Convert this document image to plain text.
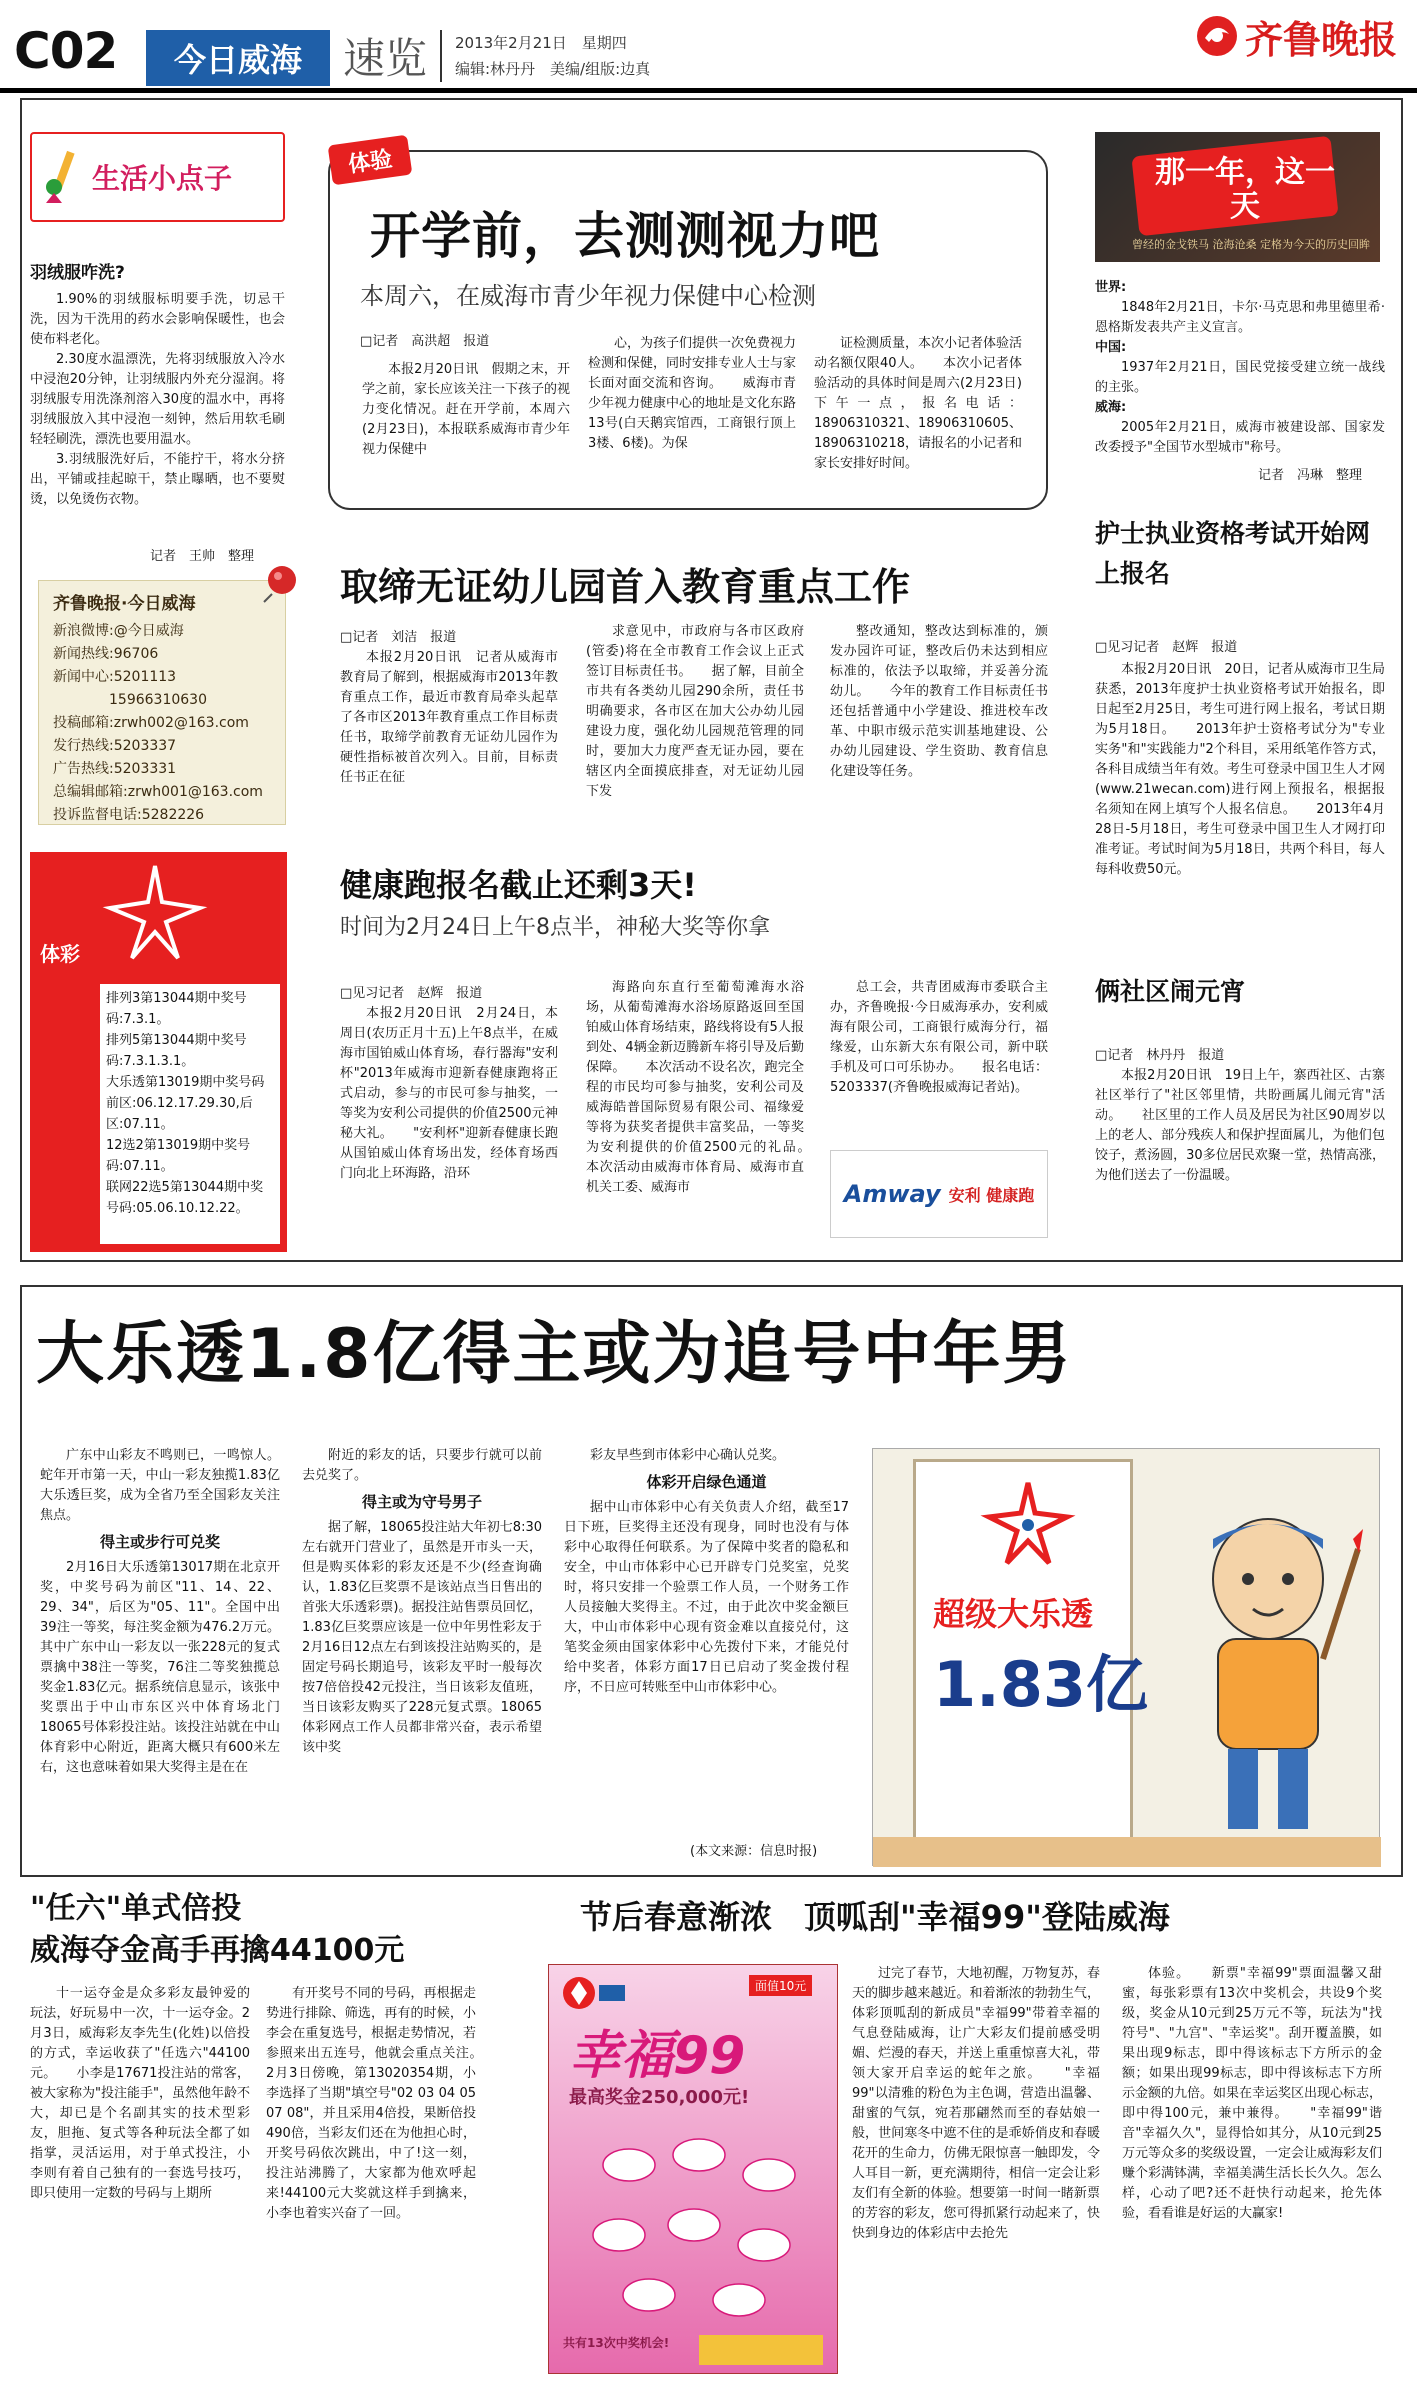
C02	今日威海 速览 2013年2月21日　星期四
编辑:林丹丹　美编/组版:边真
齐鲁晚报
生活小点子
羽绒服咋洗?

1.90%的羽绒服标明要手洗，切忌干洗，因为干洗用的药水会影响保暖性，也会使布料老化。

2.30度水温漂洗，先将羽绒服放入冷水中浸泡20分钟，让羽绒服内外充分湿润。将羽绒服专用洗涤剂溶入30度的温水中，再将羽绒服放入其中浸泡一刻钟，然后用软毛刷轻轻刷洗，漂洗也要用温水。

3.羽绒服洗好后，不能拧干，将水分挤出，平铺或挂起晾干，禁止曝晒，也不要熨烫，以免烫伤衣物。

记者　王帅　整理
齐鲁晚报·今日威海
新浪微博:@今日威海
新闻热线:96706
新闻中心:5201113
15966310630
投稿邮箱:zrwh002@163.com
发行热线:5203337
广告热线:5203331
总编辑邮箱:zrwh001@163.com
投诉监督电话:5282226
体彩
排列3第13044期中奖号码:7.3.1。
排列5第13044期中奖号码:7.3.1.3.1。
大乐透第13019期中奖号码前区:06.12.17.29.30,后区:07.11。
12选2第13019期中奖号码:07.11。
联网22选5第13044期中奖号码:05.06.10.12.22。
体验
开学前，去测测视力吧
本周六，在威海市青少年视力保健中心检测
□记者　高洪超　报道

本报2月20日讯　假期之末，开学之前，家长应该关注一下孩子的视力变化情况。赶在开学前，本周六(2月23日)，本报联系威海市青少年视力保健中

心，为孩子们提供一次免费视力检测和保健，同时安排专业人士与家长面对面交流和咨询。　　威海市青少年视力健康中心的地址是文化东路13号(白天鹅宾馆西，工商银行顶上3楼、6楼)。为保

证检测质量，本次小记者体验活动名额仅限40人。　　本次小记者体验活动的具体时间是周六(2月23日)下午一点，报名电话：18906310321、18906310605、18906310218，请报名的小记者和家长安排好时间。

那一年，这一天
曾经的金戈铁马 沧海沧桑 定格为今天的历史回眸
世界:

1848年2月21日，卡尔·马克思和弗里德里希·恩格斯发表共产主义宣言。

中国:

1937年2月21日，国民党接受建立统一战线的主张。

威海:

2005年2月21日，威海市被建设部、国家发改委授予"全国节水型城市"称号。

记者　冯琳　整理
取缔无证幼儿园首入教育重点工作
□记者　刘洁　报道

本报2月20日讯　记者从威海市教育局了解到，根据威海市2013年教育重点工作，最近市教育局牵头起草了各市区2013年教育重点工作目标责任书，取缔学前教育无证幼儿园作为硬性指标被首次列入。目前，目标责任书正在征

求意见中，市政府与各市区政府(管委)将在全市教育工作会议上正式签订目标责任书。　　据了解，目前全市共有各类幼儿园290余所，责任书明确要求，各市区在加大公办幼儿园建设力度，强化幼儿园规范管理的同时，要加大力度严查无证办园，要在辖区内全面摸底排查，对无证幼儿园下发

整改通知，整改达到标准的，颁发办园许可证，整改后仍未达到相应标准的，依法予以取缔，并妥善分流幼儿。　　今年的教育工作目标责任书还包括普通中小学建设、推进校车改革、中职市级示范实训基地建设、公办幼儿园建设、学生资助、教育信息化建设等任务。

护士执业资格考试开始网上报名
□见习记者　赵辉　报道

本报2月20日讯　20日，记者从威海市卫生局获悉，2013年度护士执业资格考试开始报名，即日起至2月25日，考生可进行网上报名，考试日期为5月18日。　　2013年护士资格考试分为"专业实务"和"实践能力"2个科目，采用纸笔作答方式，各科目成绩当年有效。考生可登录中国卫生人才网(www.21wecan.com)进行网上预报名，根据报名须知在网上填写个人报名信息。　　2013年4月28日-5月18日，考生可登录中国卫生人才网打印准考证。考试时间为5月18日，共两个科目，每人每科收费50元。

健康跑报名截止还剩3天!
时间为2月24日上午8点半，神秘大奖等你拿
□见习记者　赵辉　报道

本报2月20日讯　2月24日，本周日(农历正月十五)上午8点半，在威海市国铂威山体育场，春行器海"安利杯"2013年威海市迎新春健康跑将正式启动，参与的市民可参与抽奖，一等奖为安利公司提供的价值2500元神秘大礼。　　"安利杯"迎新春健康长跑从国铂威山体育场出发，经体育场西门向北上环海路，沿环

海路向东直行至葡萄滩海水浴场，从葡萄滩海水浴场原路返回至国铂威山体育场结束，路线将设有5人报到处、4辆金新迈腾新车将引导及后勤保障。　　本次活动不设名次，跑完全程的市民均可参与抽奖，安利公司及威海皓普国际贸易有限公司、福缘爱等将为获奖者提供丰富奖品，一等奖为安利提供的价值2500元的礼品。　　本次活动由威海市体育局、威海市直机关工委、威海市

总工会，共青团威海市委联合主办，齐鲁晚报·今日威海承办，安利威海有限公司，工商银行威海分行，福缘爱，山东新大东有限公司，新中联手机及可口可乐协办。　　报名电话：5203337(齐鲁晚报威海记者站)。

Amway 安利 健康跑
俩社区闹元宵
□记者　林丹丹　报道

本报2月20日讯　19日上午，寨西社区、古寨社区举行了"社区邻里情，共盼画属儿闹元宵"活动。　　社区里的工作人员及居民为社区90周岁以上的老人、部分残疾人和保护捏面属儿，为他们包饺子，煮汤圆，30多位居民欢聚一堂，热情高涨，为他们送去了一份温暖。

大乐透1.8亿得主或为追号中年男

广东中山彩友不鸣则已，一鸣惊人。蛇年开市第一天，中山一彩友独揽1.83亿大乐透巨奖，成为全省乃至全国彩友关注焦点。

得主或步行可兑奖

2月16日大乐透第13017期在北京开奖，中奖号码为前区"11、14、22、29、34"，后区为"05、11"。全国中出39注一等奖，每注奖金额为476.2万元。其中广东中山一彩友以一张228元的复式票擒中38注一等奖，76注二等奖独揽总奖金1.83亿元。据系统信息显示，该张中奖票出于中山市东区兴中体育场北门18065号体彩投注站。该投注站就在中山体育彩中心附近，距离大概只有600米左右，这也意味着如果大奖得主是在在

附近的彩友的话，只要步行就可以前去兑奖了。

得主或为守号男子

据了解，18065投注站大年初七8:30左右就开门营业了，虽然是开市头一天，但是购买体彩的彩友还是不少(经查询确认，1.83亿巨奖票不是该站点当日售出的首张大乐透彩票)。据投注站售票员回忆，1.83亿巨奖票应该是一位中年男性彩友于2月16日12点左右到该投注站购买的，是固定号码长期追号，该彩友平时一般每次按7倍倍投42元投注，当日该彩友值班，当日该彩友购买了228元复式票。18065体彩网点工作人员都非常兴奋，表示希望该中奖

彩友早些到市体彩中心确认兑奖。

体彩开启绿色通道

据中山市体彩中心有关负责人介绍，截至17日下班，巨奖得主还没有现身，同时也没有与体彩中心取得任何联系。为了保障中奖者的隐私和安全，中山市体彩中心已开辟专门兑奖室，兑奖时，将只安排一个验票工作人员，一个财务工作人员接触大奖得主。不过，由于此次中奖金额巨大，中山市体彩中心现有资金难以直接兑付，这笔奖金须由国家体彩中心先拨付下来，才能兑付给中奖者，体彩方面17日已启动了奖金拨付程序，不日应可转账至中山市体彩中心。

(本文来源：信息时报)
超级大乐透
1.83亿
"任六"单式倍投
威海夺金高手再擒44100元

十一运夺金是众多彩友最钟爱的玩法，好玩易中一次，十一运夺金。2月3日，威海彩友李先生(化姓)以倍投的方式，幸运收获了"任选六"44100元。　　小李是17671投注站的常客，被大家称为"投注能手"，虽然他年龄不大，却已是个名副其实的技术型彩友，胆拖、复式等各种玩法全都了如指掌，灵活运用，对于单式投注，小李则有着自己独有的一套选号技巧，即只使用一定数的号码与上期所

有开奖号不同的号码，再根据走势进行排除、筛选，再有的时候，小李会在重复选号，根据走势情况，若参照来出五连号，他就会重点关注。　　2月3日傍晚，第13020354期，小李选择了当期"填空号"02 03 04 05 07 08"，并且采用4倍投，果断倍投490倍，当彩友们还在为他担心时，开奖号码依次跳出，中了!这一刻，投注站沸腾了，大家都为他欢呼起来!44100元大奖就这样手到擒来，小李也着实兴奋了一回。

节后春意渐浓　顶呱刮"幸福99"登陆威海
面值10元
幸福99
最高奖金250,000元!
共有13次中奖机会!

过完了春节，大地初醒，万物复苏，春天的脚步越来越近。和着渐浓的勃勃生气，体彩顶呱刮的新成员"幸福99"带着幸福的气息登陆威海，让广大彩友们提前感受明媚、烂漫的春天，并送上重重惊喜大礼，带领大家开启幸运的蛇年之旅。　　"幸福99"以清雅的粉色为主色调，营造出温馨、甜蜜的气氛，宛若那翩然而至的春姑娘一般，世间寒冬中遮不住的是乖娇俏皮和春暖花开的生命力，仿佛无限惊喜一触即发，令人耳目一新，更充满期待，相信一定会让彩友们有全新的体验。想要第一时间一睹新票的芳容的彩友，您可得抓紧行动起来了，快快到身边的体彩店中去抢先

体验。　　新票"幸福99"票面温馨又甜蜜，每张彩票有13次中奖机会，共设9个奖级，奖金从10元到25万元不等，玩法为"找符号"、"九宫"、"幸运奖"。刮开覆盖膜，如果出现9标志，即中得该标志下方所示的金额；如果出现99标志，即中得该标志下方所示金额的九倍。如果在幸运奖区出现心标志，即中得100元，兼中兼得。　　"幸福99"谐音"幸福久久"，显得恰如其分，从10元到25万元等众多的奖级设置，一定会让威海彩友们赚个彩满钵满，幸福美满生活长长久久。怎么样，心动了吧?还不赶快行动起来，抢先体验，看看谁是好运的大赢家!
